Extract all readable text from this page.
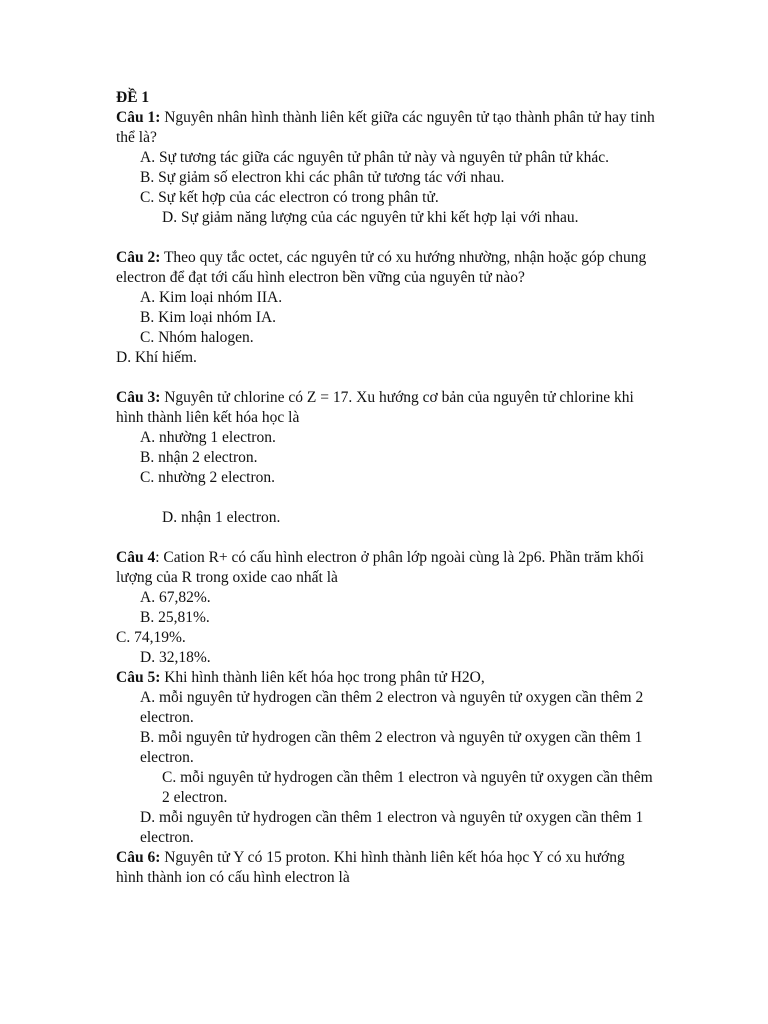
ĐỀ 1

Câu 1: Nguyên nhân hình thành liên kết giữa các nguyên tử tạo thành phân tử hay tinh thể là?

A. Sự tương tác giữa các nguyên tử phân tử này và nguyên tử phân tử khác.

B. Sự giảm số electron khi các phân tử tương tác với nhau.

C. Sự kết hợp của các electron có trong phân tử.

D. Sự giảm năng lượng của các nguyên tử khi kết hợp lại với nhau.

Câu 2: Theo quy tắc octet, các nguyên tử có xu hướng nhường, nhận hoặc góp chung electron để đạt tới cấu hình electron bền vững của nguyên tử nào?

A. Kim loại nhóm IIA.

B. Kim loại nhóm IA.

C. Nhóm halogen.

D. Khí hiếm.

Câu 3: Nguyên tử chlorine có Z = 17. Xu hướng cơ bản của nguyên tử chlorine khi hình thành liên kết hóa học là

A. nhường 1 electron.

B. nhận 2 electron.

C. nhường 2 electron.

D. nhận 1 electron.

Câu 4: Cation R+ có cấu hình electron ở phân lớp ngoài cùng là 2p6. Phần trăm khối lượng của R trong oxide cao nhất là

A. 67,82%.

B. 25,81%.

C. 74,19%.

D. 32,18%.

Câu 5: Khi hình thành liên kết hóa học trong phân tử H2O,

A. mỗi nguyên tử hydrogen cần thêm 2 electron và nguyên tử oxygen cần thêm 2 electron.

B. mỗi nguyên tử hydrogen cần thêm 2 electron và nguyên tử oxygen cần thêm 1 electron.

C. mỗi nguyên tử hydrogen cần thêm 1 electron và nguyên tử oxygen cần thêm 2 electron.

D. mỗi nguyên tử hydrogen cần thêm 1 electron và nguyên tử oxygen cần thêm 1 electron.

Câu 6: Nguyên tử Y có 15 proton. Khi hình thành liên kết hóa học Y có xu hướng hình thành ion có cấu hình electron là
